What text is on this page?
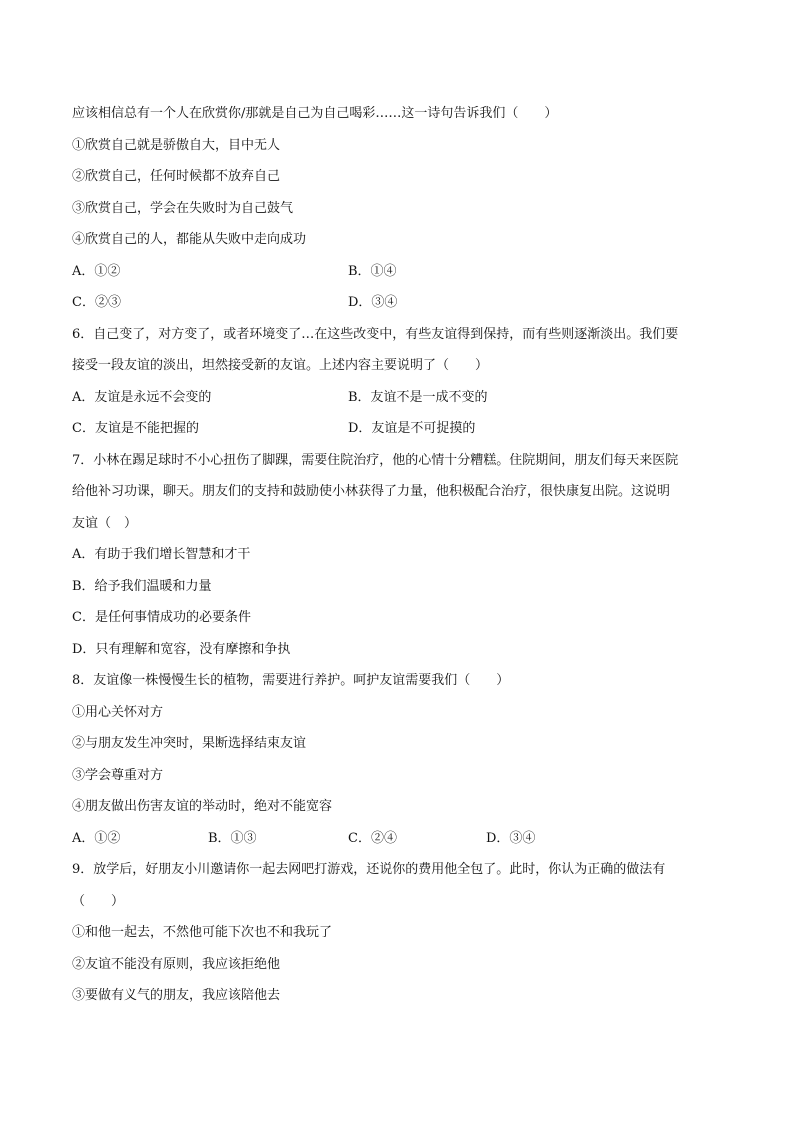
应该相信总有一个人在欣赏你/那就是自己为自己喝彩……这一诗句告诉我们（　　）
①欣赏自己就是骄傲自大，目中无人
②欣赏自己，任何时候都不放弃自己
③欣赏自己，学会在失败时为自己鼓气
④欣赏自己的人，都能从失败中走向成功
A．①②	B．①④
C．②③	D．③④
6．自己变了，对方变了，或者环境变了…在这些改变中，有些友谊得到保持，而有些则逐渐淡出。我们要
接受一段友谊的淡出，坦然接受新的友谊。上述内容主要说明了（　　）
A．友谊是永远不会变的	B．友谊不是一成不变的
C．友谊是不能把握的	D．友谊是不可捉摸的
7．小林在踢足球时不小心扭伤了脚踝，需要住院治疗，他的心情十分糟糕。住院期间，朋友们每天来医院
给他补习功课，聊天。朋友们的支持和鼓励使小林获得了力量，他积极配合治疗，很快康复出院。这说明
友谊（　）
A．有助于我们增长智慧和才干
B．给予我们温暖和力量
C．是任何事情成功的必要条件
D．只有理解和宽容，没有摩擦和争执
8．友谊像一株慢慢生长的植物，需要进行养护。呵护友谊需要我们（　　）
①用心关怀对方
②与朋友发生冲突时，果断选择结束友谊
③学会尊重对方
④朋友做出伤害友谊的举动时，绝对不能宽容
A．①②	B．①③	C．②④	D．③④
9．放学后，好朋友小川邀请你一起去网吧打游戏，还说你的费用他全包了。此时，你认为正确的做法有
（　　）
①和他一起去，不然他可能下次也不和我玩了
②友谊不能没有原则，我应该拒绝他
③要做有义气的朋友，我应该陪他去
